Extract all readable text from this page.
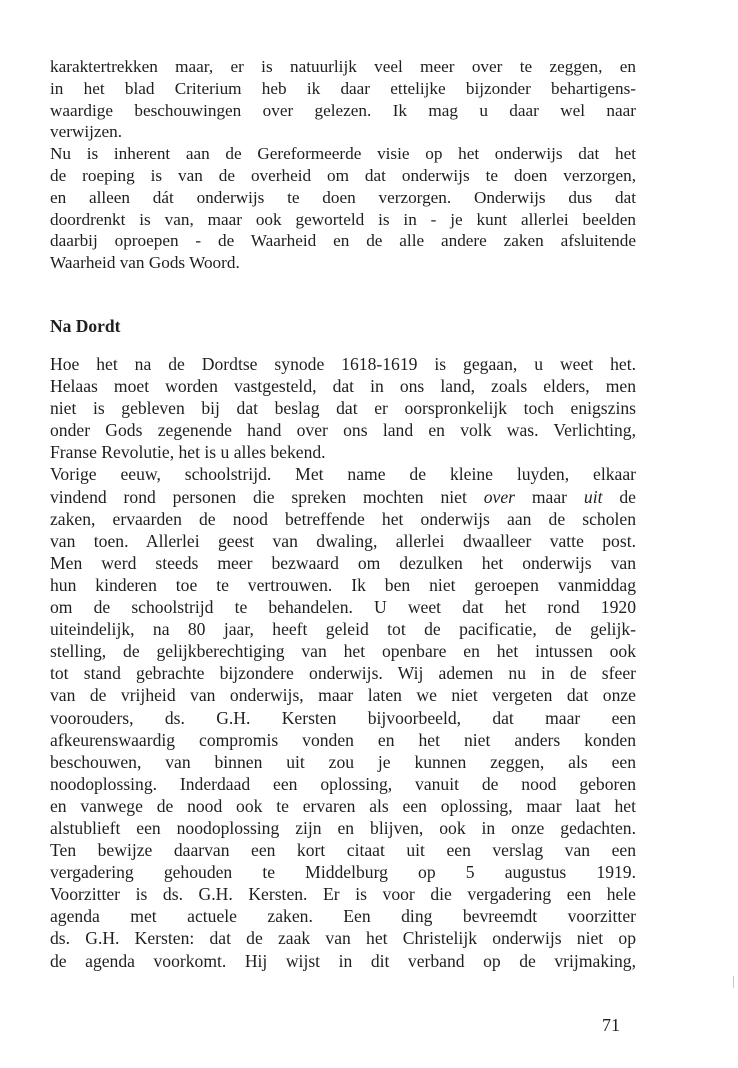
karaktertrekken maar, er is natuurlijk veel meer over te zeggen, en
in het blad Criterium heb ik daar ettelijke bijzonder behartigens-
waardige beschouwingen over gelezen. Ik mag u daar wel naar
verwijzen.
Nu is inherent aan de Gereformeerde visie op het onderwijs dat het
de roeping is van de overheid om dat onderwijs te doen verzorgen,
en alleen dát onderwijs te doen verzorgen. Onderwijs dus dat
doordrenkt is van, maar ook geworteld is in - je kunt allerlei beelden
daarbij oproepen - de Waarheid en de alle andere zaken afsluitende
Waarheid van Gods Woord.
Na Dordt
Hoe het na de Dordtse synode 1618-1619 is gegaan, u weet het.
Helaas moet worden vastgesteld, dat in ons land, zoals elders, men
niet is gebleven bij dat beslag dat er oorspronkelijk toch enigszins
onder Gods zegenende hand over ons land en volk was. Verlichting,
Franse Revolutie, het is u alles bekend.
Vorige eeuw, schoolstrijd. Met name de kleine luyden, elkaar
vindend rond personen die spreken mochten niet over maar uit de
zaken, ervaarden de nood betreffende het onderwijs aan de scholen
van toen. Allerlei geest van dwaling, allerlei dwaalleer vatte post.
Men werd steeds meer bezwaard om dezulken het onderwijs van
hun kinderen toe te vertrouwen. Ik ben niet geroepen vanmiddag
om de schoolstrijd te behandelen. U weet dat het rond 1920
uiteindelijk, na 80 jaar, heeft geleid tot de pacificatie, de gelijk-
stelling, de gelijkberechtiging van het openbare en het intussen ook
tot stand gebrachte bijzondere onderwijs. Wij ademen nu in de sfeer
van de vrijheid van onderwijs, maar laten we niet vergeten dat onze
voorouders, ds. G.H. Kersten bijvoorbeeld, dat maar een
afkeurenswaardig compromis vonden en het niet anders konden
beschouwen, van binnen uit zou je kunnen zeggen, als een
noodoplossing. Inderdaad een oplossing, vanuit de nood geboren
en vanwege de nood ook te ervaren als een oplossing, maar laat het
alstublieft een noodoplossing zijn en blijven, ook in onze gedachten.
Ten bewijze daarvan een kort citaat uit een verslag van een
vergadering gehouden te Middelburg op 5 augustus 1919.
Voorzitter is ds. G.H. Kersten. Er is voor die vergadering een hele
agenda met actuele zaken. Een ding bevreemdt voorzitter
ds. G.H. Kersten: dat de zaak van het Christelijk onderwijs niet op
de agenda voorkomt. Hij wijst in dit verband op de vrijmaking,
71
